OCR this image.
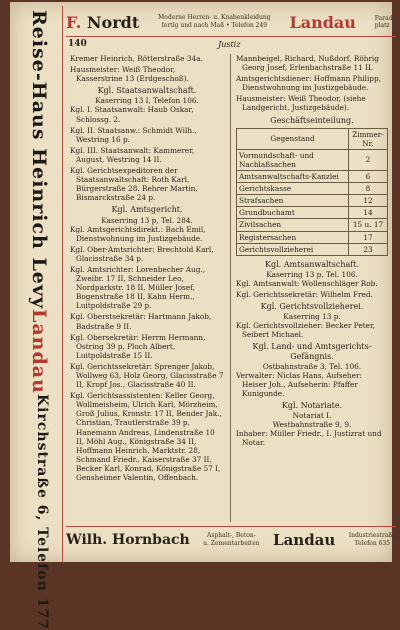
Reise-Haus Heinrich Levy
Landau
Kirchstraße 6, Telefon 177
F. Nordt	Moderne Herren- u. Knabenkleidung
fertig und nach Maß • Telefon 249 Landau	Parade
platz
140	Justiz
Kremer Heinrich, Rötterstraße 34a.
Hausmeister: Weiß Theodor, Kasserstrine 13 (Erdgeschoß).
Kgl. Staatsanwaltschaft.
Kaserring 13 I, Telefon 106.
Kgl. I. Staatsanwalt: Haub Oskar, Schlossg. 2.
Kgl. II. Staatsanw.: Schmidt Wilh., Westring 16 p.
Kgl. III. Staatsanwalt: Kammerer, August, Westring 14 II.
Kgl. Gerichtsexpeditoren der Staatsanwaltschaft: Roth Karl, Bürgerstraße 28. Rehrer Martin, Bismarckstraße 24 p.
Kgl. Amtsgericht.
Kaserring 13 p, Tel. 284.
Kgl. Amtsgerichtsdirekt.: Bach Emil, Dienstwohnung im Justizgebäude.
Kgl. Ober-Amtsrichter: Brechtold Karl, Glacisstraße 34 p.
Kgl. Amtsrichter: Lorenbecher Aug., Zweibr. 17 II, Schneider Leo, Nordparkstr. 18 II, Müller Josef, Bogenstraße 18 II, Kahn Herm., Luitpoldstraße 29 p.
Kgl. Oberstsekretär: Hartmann Jakob, Badstraße 9 II.
Kgl. Obersekretär: Herrm Hermann, Ostring 39 p, Ploch Albert, Luitpoldstraße 15 II.
Kgl. Gerichtssekretär: Sprenger Jakob, Wollweg 63, Holz Georg, Glacisstraße 7 II, Kropf Jos., Glacisstraße 40 II.
Kgl. Gerichtsassistenten: Keller Georg, Wollmeisheim, Ulrich Karl, Mörzheim, Groß Julius, Kronstr. 17 II, Bender Jak., Christian, Trautlerstraße 39 p, Hanemann Andreas, Lindenstraße 10 II, Möhl Aug., Königstraße 34 II, Hoffmann Heinrich, Marktstr. 28, Schmand Friedr., Kaiserstraße 37 II, Becker Karl, Konrad, Königstraße 57 I, Gensheimer Valentin, Offenbach.
Mannbeigel, Richard, Nußdorf, Röhrig Georg Josef, Erlenbachstraße 11 II.
Amtsgerichtsdiener: Hoffmann Philipp, Dienstwohnung im Justizgebäude.
Hausmeister: Weiß Theodor, (siehe Landgericht, Justizgebäude).
Geschäftseinteilung.
Gegenstand	Zimmer-Nr.
Vormundschaft- und Nachlaßsachen	2
Amtsanwaltschafts-Kanzlei	6
Gerichtskasse	8
Strafsachen	12
Grundbuchamt	14
Zivilsachen	15 u. 17
Registersachen	17
Gerichtsvollzieherei	23
Kgl. Amtsanwaltschaft.
Kaserring 13 p, Tel. 106.
Kgl. Amtsanwalt: Wollenschläger Rob.
Kgl. Gerichtssekretär: Wilhelm Fred.
Kgl. Gerichtsvollzieherei.
Kaserring 13 p.
Kgl. Gerichtsvollzieher: Becker Peter, Seibert Michael.
Kgl. Land- und Amtsgerichts-Gefängnis.
Ostbahnstraße 3, Tel. 106.
Verwalter: Niclas Hans, Aufseher: Heiser Joh., Aufseherin: Pfaffer Kunigunde.
Kgl. Notariate.
Notariat I.
Westbahnstraße 9, 9.
Inhaber: Müller Friedr., I. Justizrat und Notar.
Wilh. Hornbach	Asphalt-, Beton-
u. Zementarbeiten Landau Industriestraße
Telefon 635
